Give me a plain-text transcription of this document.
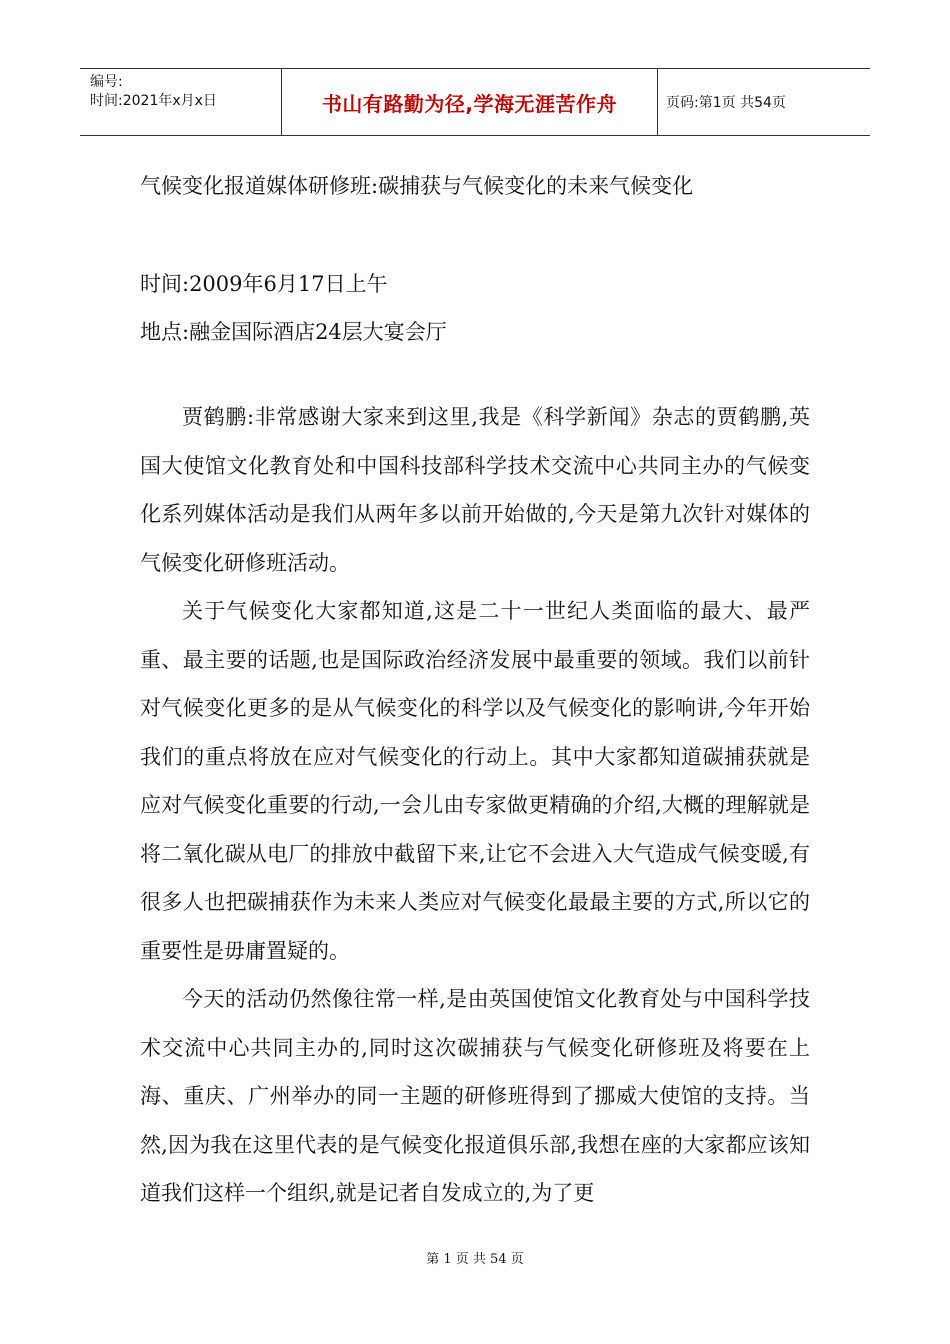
编号:
时间:2021年x月x日	书山有路勤为径,学海无涯苦作舟	页码:第1页 共54页
气候变化报道媒体研修班:碳捕获与气候变化的未来气候变化
时间:2009年6月17日上午
地点:融金国际酒店24层大宴会厅

贾鹤鹏:非常感谢大家来到这里,我是《科学新闻》杂志的贾鹤鹏,英国大使馆文化教育处和中国科技部科学技术交流中心共同主办的气候变化系列媒体活动是我们从两年多以前开始做的,今天是第九次针对媒体的气候变化研修班活动。

关于气候变化大家都知道,这是二十一世纪人类面临的最大、最严重、最主要的话题,也是国际政治经济发展中最重要的领域。我们以前针对气候变化更多的是从气候变化的科学以及气候变化的影响讲,今年开始我们的重点将放在应对气候变化的行动上。其中大家都知道碳捕获就是应对气候变化重要的行动,一会儿由专家做更精确的介绍,大概的理解就是将二氧化碳从电厂的排放中截留下来,让它不会进入大气造成气候变暖,有很多人也把碳捕获作为未来人类应对气候变化最最主要的方式,所以它的重要性是毋庸置疑的。

今天的活动仍然像往常一样,是由英国使馆文化教育处与中国科学技术交流中心共同主办的,同时这次碳捕获与气候变化研修班及将要在上海、重庆、广州举办的同一主题的研修班得到了挪威大使馆的支持。当然,因为我在这里代表的是气候变化报道俱乐部,我想在座的大家都应该知道我们这样一个组织,就是记者自发成立的,为了更

第 1 页 共 54 页
